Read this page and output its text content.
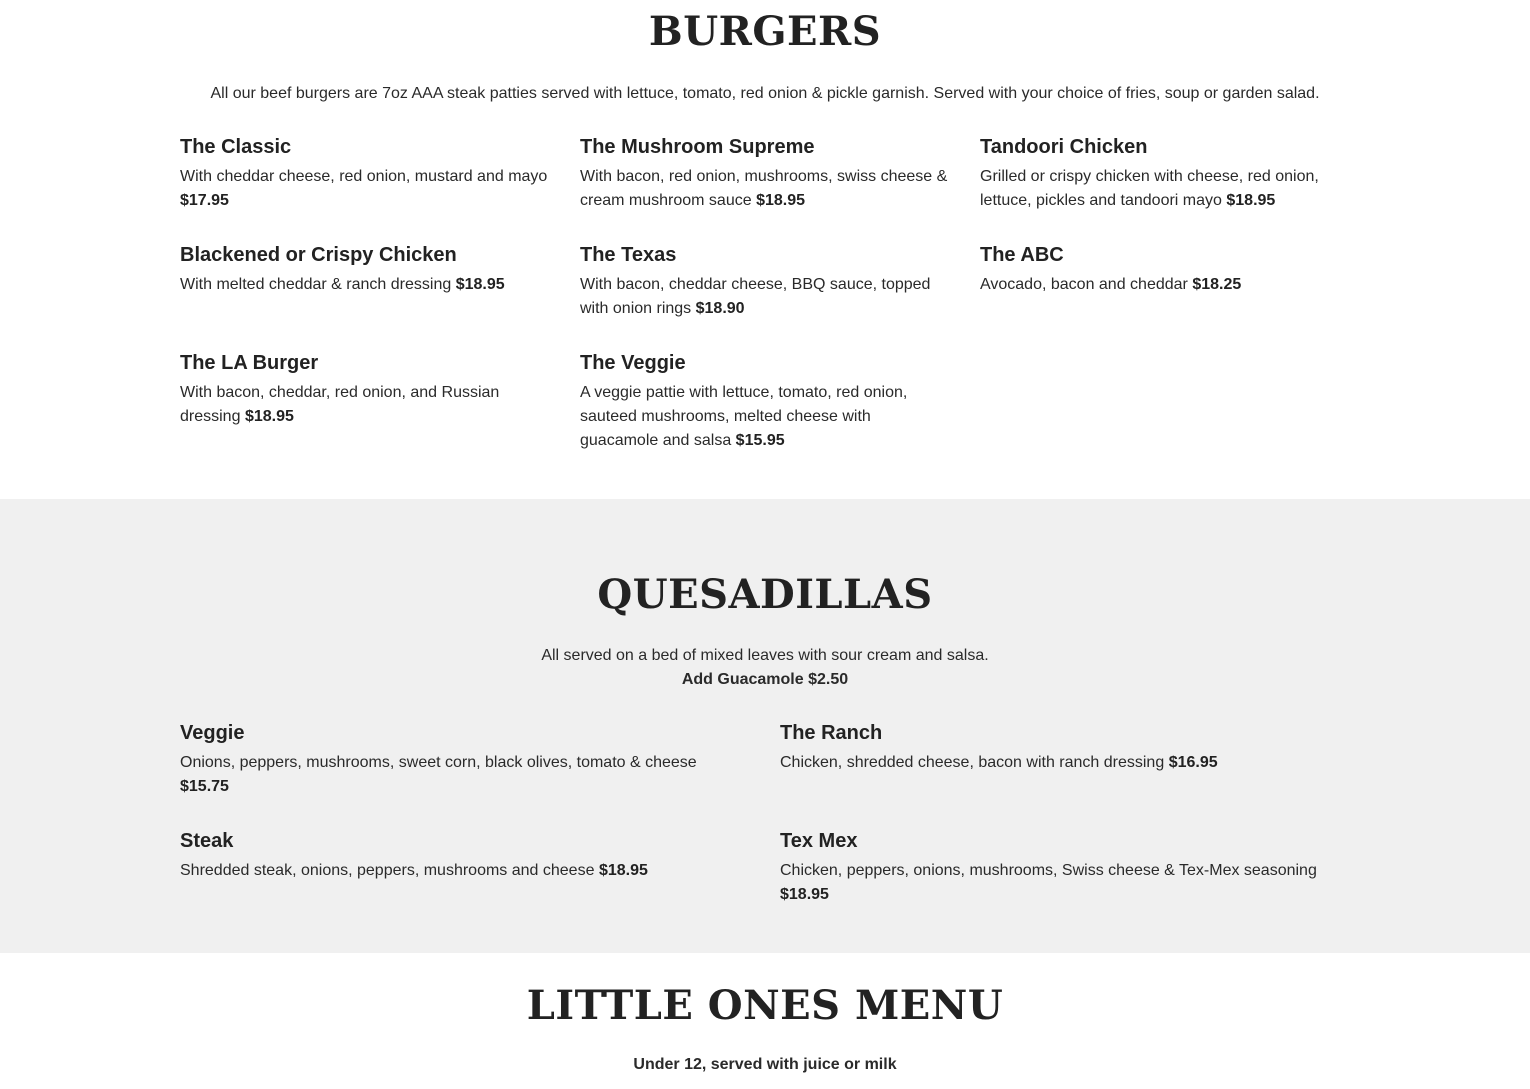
BURGERS

All our beef burgers are 7oz AAA steak patties served with lettuce, tomato, red onion & pickle garnish. Served with your choice of fries, soup or garden salad.

The Classic

With cheddar cheese, red onion, mustard and mayo $17.95

The Mushroom Supreme

With bacon, red onion, mushrooms, swiss cheese & cream mushroom sauce $18.95

Tandoori Chicken

Grilled or crispy chicken with cheese, red onion, lettuce, pickles and tandoori mayo $18.95

Blackened or Crispy Chicken

With melted cheddar & ranch dressing $18.95

The Texas

With bacon, cheddar cheese, BBQ sauce, topped with onion rings $18.90

The ABC

Avocado, bacon and cheddar $18.25

The LA Burger

With bacon, cheddar, red onion, and Russian dressing $18.95

The Veggie

A veggie pattie with lettuce, tomato, red onion, sauteed mushrooms, melted cheese with guacamole and salsa $15.95

QUESADILLAS

All served on a bed of mixed leaves with sour cream and salsa.

Add Guacamole $2.50

Veggie

Onions, peppers, mushrooms, sweet corn, black olives, tomato & cheese $15.75

The Ranch

Chicken, shredded cheese, bacon with ranch dressing $16.95

Steak

Shredded steak, onions, peppers, mushrooms and cheese $18.95

Tex Mex

Chicken, peppers, onions, mushrooms, Swiss cheese & Tex-Mex seasoning $18.95

LITTLE ONES MENU

Under 12, served with juice or milk
